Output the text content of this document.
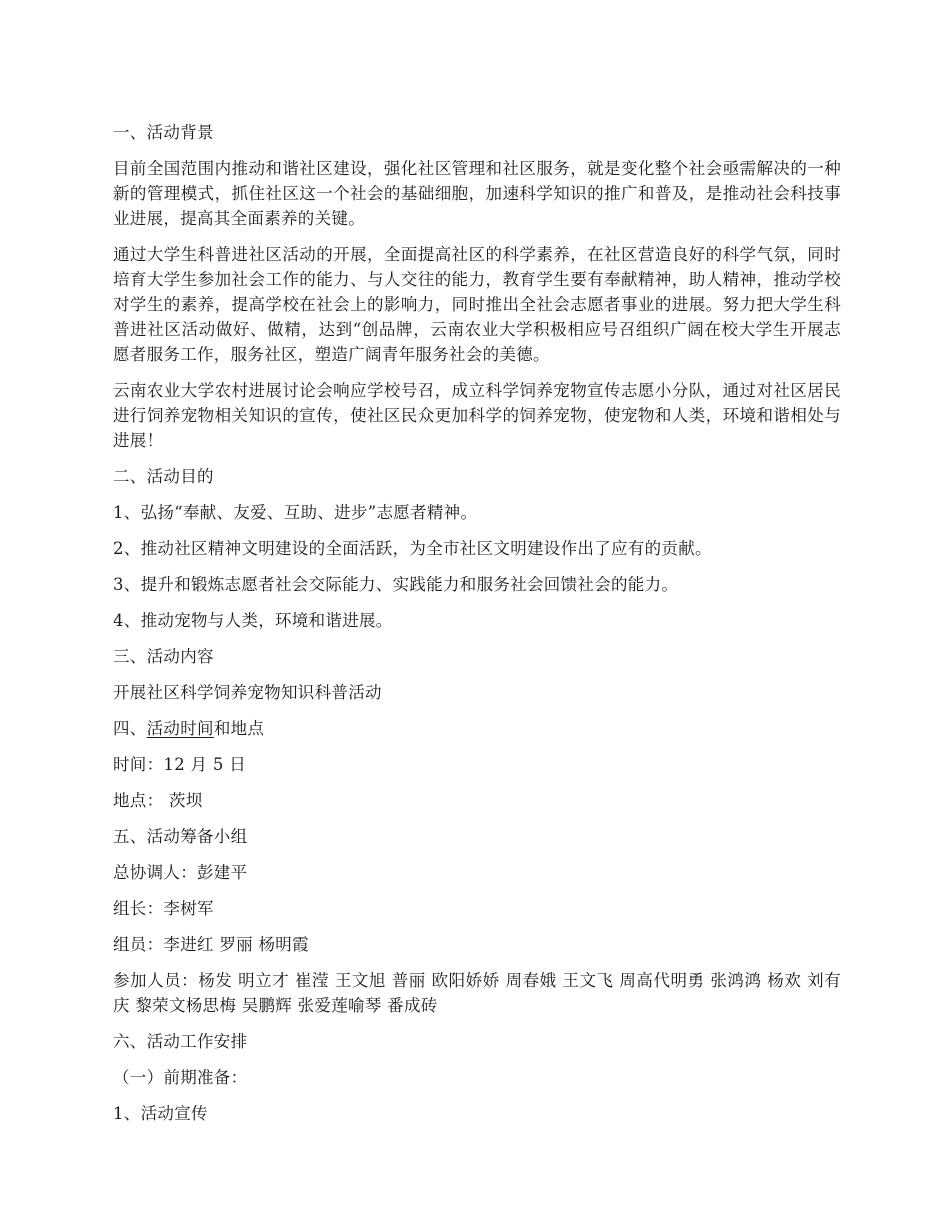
一、活动背景

目前全国范围内推动和谐社区建设，强化社区管理和社区服务，就是变化整个社会亟需解决的一种新的管理模式，抓住社区这一个社会的基础细胞，加速科学知识的推广和普及，是推动社会科技事业进展，提高其全面素养的关键。

通过大学生科普进社区活动的开展，全面提高社区的科学素养，在社区营造良好的科学气氛，同时培育大学生参加社会工作的能力、与人交往的能力，教育学生要有奉献精神，助人精神，推动学校对学生的素养，提高学校在社会上的影响力，同时推出全社会志愿者事业的进展。努力把大学生科普进社区活动做好、做精，达到“创品牌，云南农业大学积极相应号召组织广阔在校大学生开展志愿者服务工作，服务社区，塑造广阔青年服务社会的美德。

云南农业大学农村进展讨论会响应学校号召，成立科学饲养宠物宣传志愿小分队，通过对社区居民进行饲养宠物相关知识的宣传，使社区民众更加科学的饲养宠物，使宠物和人类，环境和谐相处与进展！

二、活动目的

1、弘扬“奉献、友爱、互助、进步”志愿者精神。

2、推动社区精神文明建设的全面活跃，为全市社区文明建设作出了应有的贡献。

3、提升和锻炼志愿者社会交际能力、实践能力和服务社会回馈社会的能力。

4、推动宠物与人类，环境和谐进展。

三、活动内容

开展社区科学饲养宠物知识科普活动

四、活动时间和地点

时间：12 月 5 日

地点： 茨坝

五、活动筹备小组

总协调人：彭建平

组长：李树军

组员：李进红 罗丽 杨明霞

参加人员：杨发 明立才 崔滢 王文旭 普丽 欧阳娇娇 周春娥 王文飞 周高代明勇 张鸿鸿 杨欢 刘有庆 黎荣文杨思梅 吴鹏辉 张爱莲喻琴 番成砖

六、活动工作安排

（一）前期准备：

1、活动宣传
